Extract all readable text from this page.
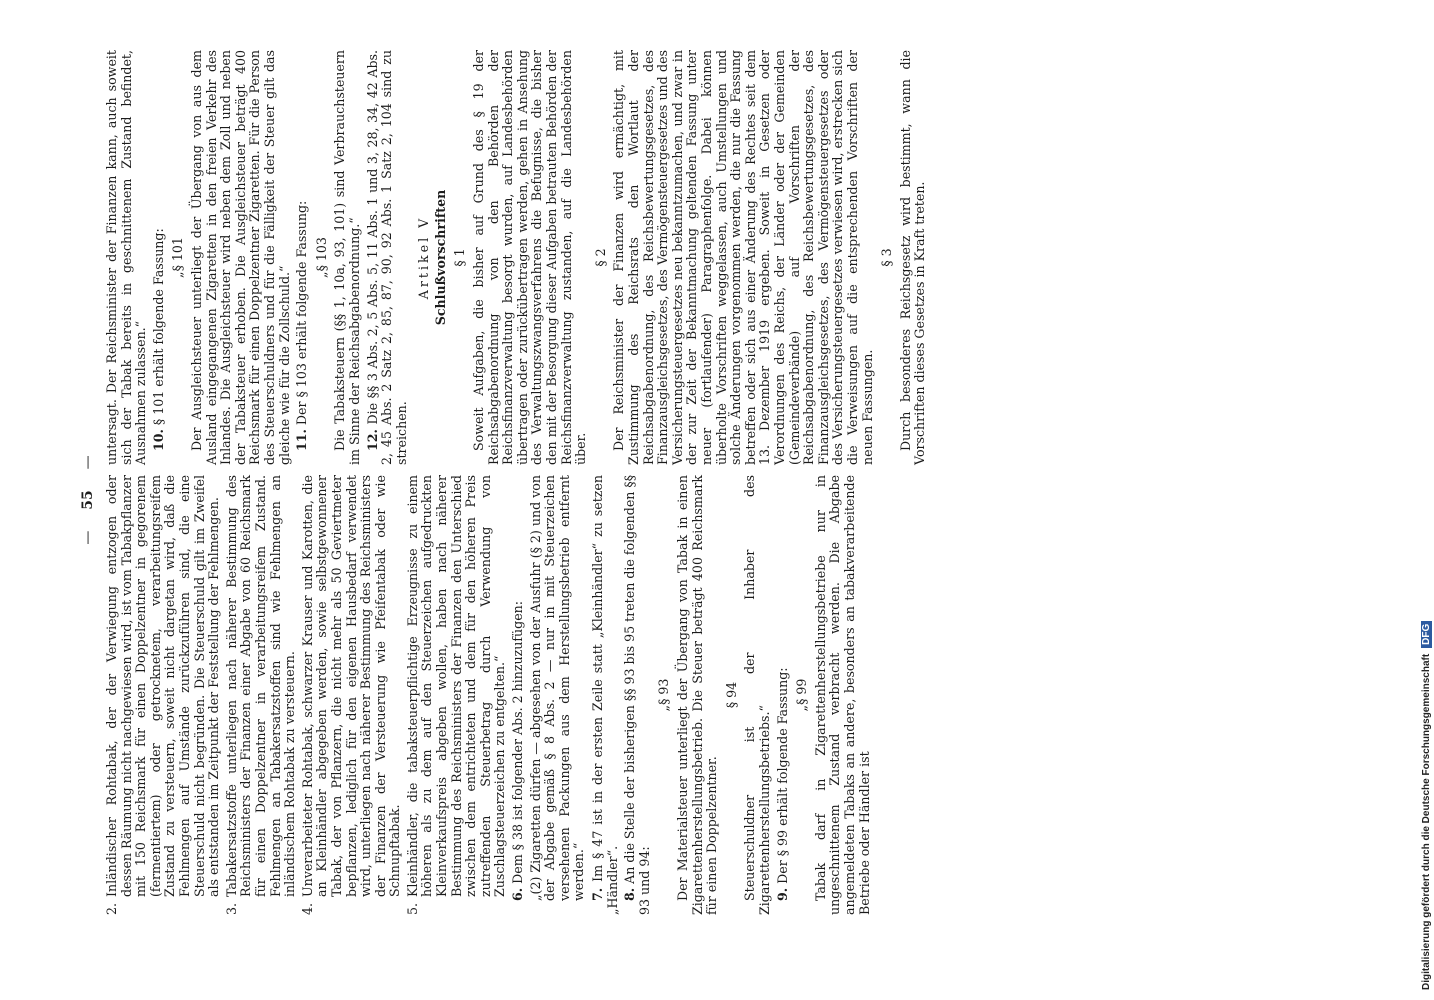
— 55 —
2.
Inländischer Rohtabak, der der Verwiegung entzogen oder dessen Räumung nicht nachgewiesen wird, ist vom Tabakpflanzer mit 150 Reichsmark für einen Doppelzentner in gegorenem (fermentiertem) oder getrocknetem, verarbeitungsreifem Zustand zu versteuern, soweit nicht dargetan wird, daß die Fehlmengen auf Umstände zurückzuführen sind, die eine Steuerschuld nicht begründen. Die Steuerschuld gilt im Zweifel als entstanden im Zeitpunkt der Feststellung der Fehlmengen.
3.
Tabakersatzstoffe unterliegen nach näherer Bestimmung des Reichsministers der Finanzen einer Abgabe von 60 Reichsmark für einen Doppelzentner in verarbeitungsreifem Zustand. Fehlmengen an Tabakersatzstoffen sind wie Fehlmengen an inländischem Rohtabak zu versteuern.
4.
Unverarbeiteter Rohtabak, schwarzer Krauser und Karotten, die an Kleinhändler abgegeben werden, sowie selbstgewonnener Tabak, der von Pflanzern, die nicht mehr als 50 Geviertmeter bepflanzen, lediglich für den eigenen Hausbedarf verwendet wird, unterliegen nach näherer Bestimmung des Reichsministers der Finanzen der Versteuerung wie Pfeifentabak oder wie Schnupftabak.
5.
Kleinhändler, die tabaksteuerpflichtige Erzeugnisse zu einem höheren als zu dem auf den Steuerzeichen aufgedruckten Kleinverkaufspreis abgeben wollen, haben nach näherer Bestimmung des Reichsministers der Finanzen den Unterschied zwischen dem entrichteten und dem für den höheren Preis zutreffenden Steuerbetrag durch Verwendung von Zuschlagsteuerzeichen zu entgelten.“ 6. Dem § 38 ist folgender Abs. 2 hinzuzufügen: „(2) Zigaretten dürfen — abgesehen von der Ausfuhr (§ 2) und von der Abgabe gemäß § 8 Abs. 2 — nur in mit Steuerzeichen versehenen Packungen aus dem Herstellungsbetrieb entfernt werden.“ 7. Im § 47 ist in der ersten Zeile statt „Kleinhändler“ zu setzen „Händler“. 8. An die Stelle der bisherigen §§ 93 bis 95 treten die folgenden §§ 93 und 94:

„§ 93 Der Materialsteuer unterliegt der Übergang von Tabak in einen Zigarettenherstellungsbetrieb. Die Steuer beträgt 400 Reichsmark für einen Doppelzentner.

§ 94 Steuerschuldner ist der Inhaber des Zigarettenherstellungsbetriebs.“ 9. Der § 99 erhält folgende Fassung: „§ 99 Tabak darf in Zigarettenherstellungsbetriebe nur in ungeschnittenem Zustand verbracht werden. Die Abgabe angemeldeten Tabaks an andere, besonders an tabakverarbeitende Betriebe oder Händler ist

untersagt. Der Reichsminister der Finanzen kann, auch soweit sich der Tabak bereits in geschnittenem Zustand befindet, Ausnahmen zulassen.“ 10. § 101 erhält folgende Fassung: „§ 101 Der Ausgleichsteuer unterliegt der Übergang von aus dem Ausland eingegangenen Zigaretten in den freien Verkehr des Inlandes. Die Ausgleichsteuer wird neben dem Zoll und neben der Tabaksteuer erhoben. Die Ausgleichsteuer beträgt 400 Reichsmark für einen Doppelzentner Zigaretten. Für die Person des Steuerschuldners und für die Fälligkeit der Steuer gilt das gleiche wie für die Zollschuld.“ 11. Der § 103 erhält folgende Fassung: „§ 103 Die Tabaksteuern (§§ 1, 10a, 93, 101) sind Verbrauchsteuern im Sinne der Reichsabgabenordnung.“ 12. Die §§ 3 Abs. 2, 5 Abs. 5, 11 Abs. 1 und 3, 28, 34, 42 Abs. 2, 45 Abs. 2 Satz 2, 85, 87, 90, 92 Abs. 1 Satz 2, 104 sind zu streichen.

Artikel V Schlußvorschriften § 1 Soweit Aufgaben, die bisher auf Grund des § 19 der Reichsabgabenordnung von den Behörden der Reichsfinanzverwaltung besorgt wurden, auf Landesbehörden übertragen oder zurückübertragen werden, gehen in Ansehung des Verwaltungszwangsverfahrens die Befugnisse, die bisher den mit der Besorgung dieser Aufgaben betrauten Behörden der Reichsfinanzverwaltung zustanden, auf die Landesbehörden über.

§ 2 Der Reichsminister der Finanzen wird ermächtigt, mit Zustimmung des Reichsrats den Wortlaut der Reichsabgabenordnung, des Reichsbewertungsgesetzes, des Finanzausgleichsgesetzes, des Vermögensteuergesetzes und des Versicherungsteuergesetzes neu bekanntzumachen, und zwar in der zur Zeit der Bekanntmachung geltenden Fassung unter neuer (fortlaufender) Paragraphenfolge. Dabei können überholte Vorschriften weggelassen, auch Umstellungen und solche Änderungen vorgenommen werden, die nur die Fassung betreffen oder sich aus einer Änderung des Rechtes seit dem 13. Dezember 1919 ergeben. Soweit in Gesetzen oder Verordnungen des Reichs, der Länder oder der Gemeinden (Gemeindeverbände) auf Vorschriften der Reichsabgabenordnung, des Reichsbewertungsgesetzes, des Finanzausgleichsgesetzes, des Vermögensteuergesetzes oder des Versicherungsteuergesetzes verwiesen wird, erstrecken sich die Verweisungen auf die entsprechenden Vorschriften der neuen Fassungen.

§ 3 Durch besonderes Reichsgesetz wird bestimmt, wann die Vorschriften dieses Gesetzes in Kraft treten.

Digitalisierung gefördert durch die Deutsche ForschungsgemeinschaftDFG
